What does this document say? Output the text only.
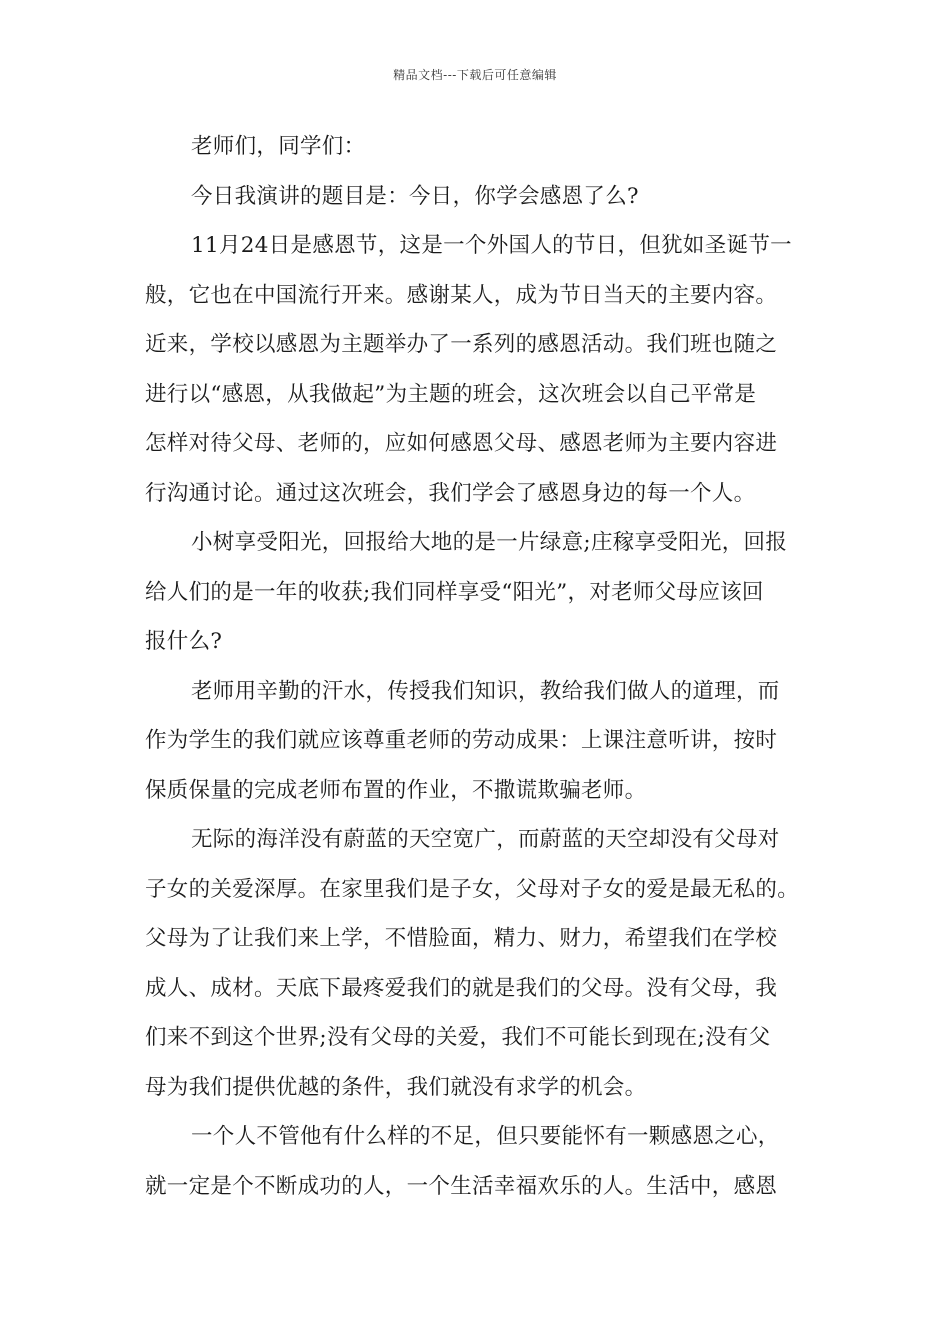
精品文档---下载后可任意编辑
老师们，同学们：
今日我演讲的题目是：今日，你学会感恩了么?
11月24日是感恩节，这是一个外国人的节日，但犹如圣诞节一
般，它也在中国流行开来。感谢某人，成为节日当天的主要内容。
近来，学校以感恩为主题举办了一系列的感恩活动。我们班也随之
进行以“感恩，从我做起”为主题的班会，这次班会以自己平常是
怎样对待父母、老师的，应如何感恩父母、感恩老师为主要内容进
行沟通讨论。通过这次班会，我们学会了感恩身边的每一个人。
小树享受阳光，回报给大地的是一片绿意;庄稼享受阳光，回报
给人们的是一年的收获;我们同样享受“阳光”，对老师父母应该回
报什么?
老师用辛勤的汗水，传授我们知识，教给我们做人的道理，而
作为学生的我们就应该尊重老师的劳动成果：上课注意听讲，按时
保质保量的完成老师布置的作业，不撒谎欺骗老师。
无际的海洋没有蔚蓝的天空宽广，而蔚蓝的天空却没有父母对
子女的关爱深厚。在家里我们是子女，父母对子女的爱是最无私的。
父母为了让我们来上学，不惜脸面，精力、财力，希望我们在学校
成人、成材。天底下最疼爱我们的就是我们的父母。没有父母，我
们来不到这个世界;没有父母的关爱，我们不可能长到现在;没有父
母为我们提供优越的条件，我们就没有求学的机会。
一个人不管他有什么样的不足，但只要能怀有一颗感恩之心，
就一定是个不断成功的人，一个生活幸福欢乐的人。生活中，感恩
